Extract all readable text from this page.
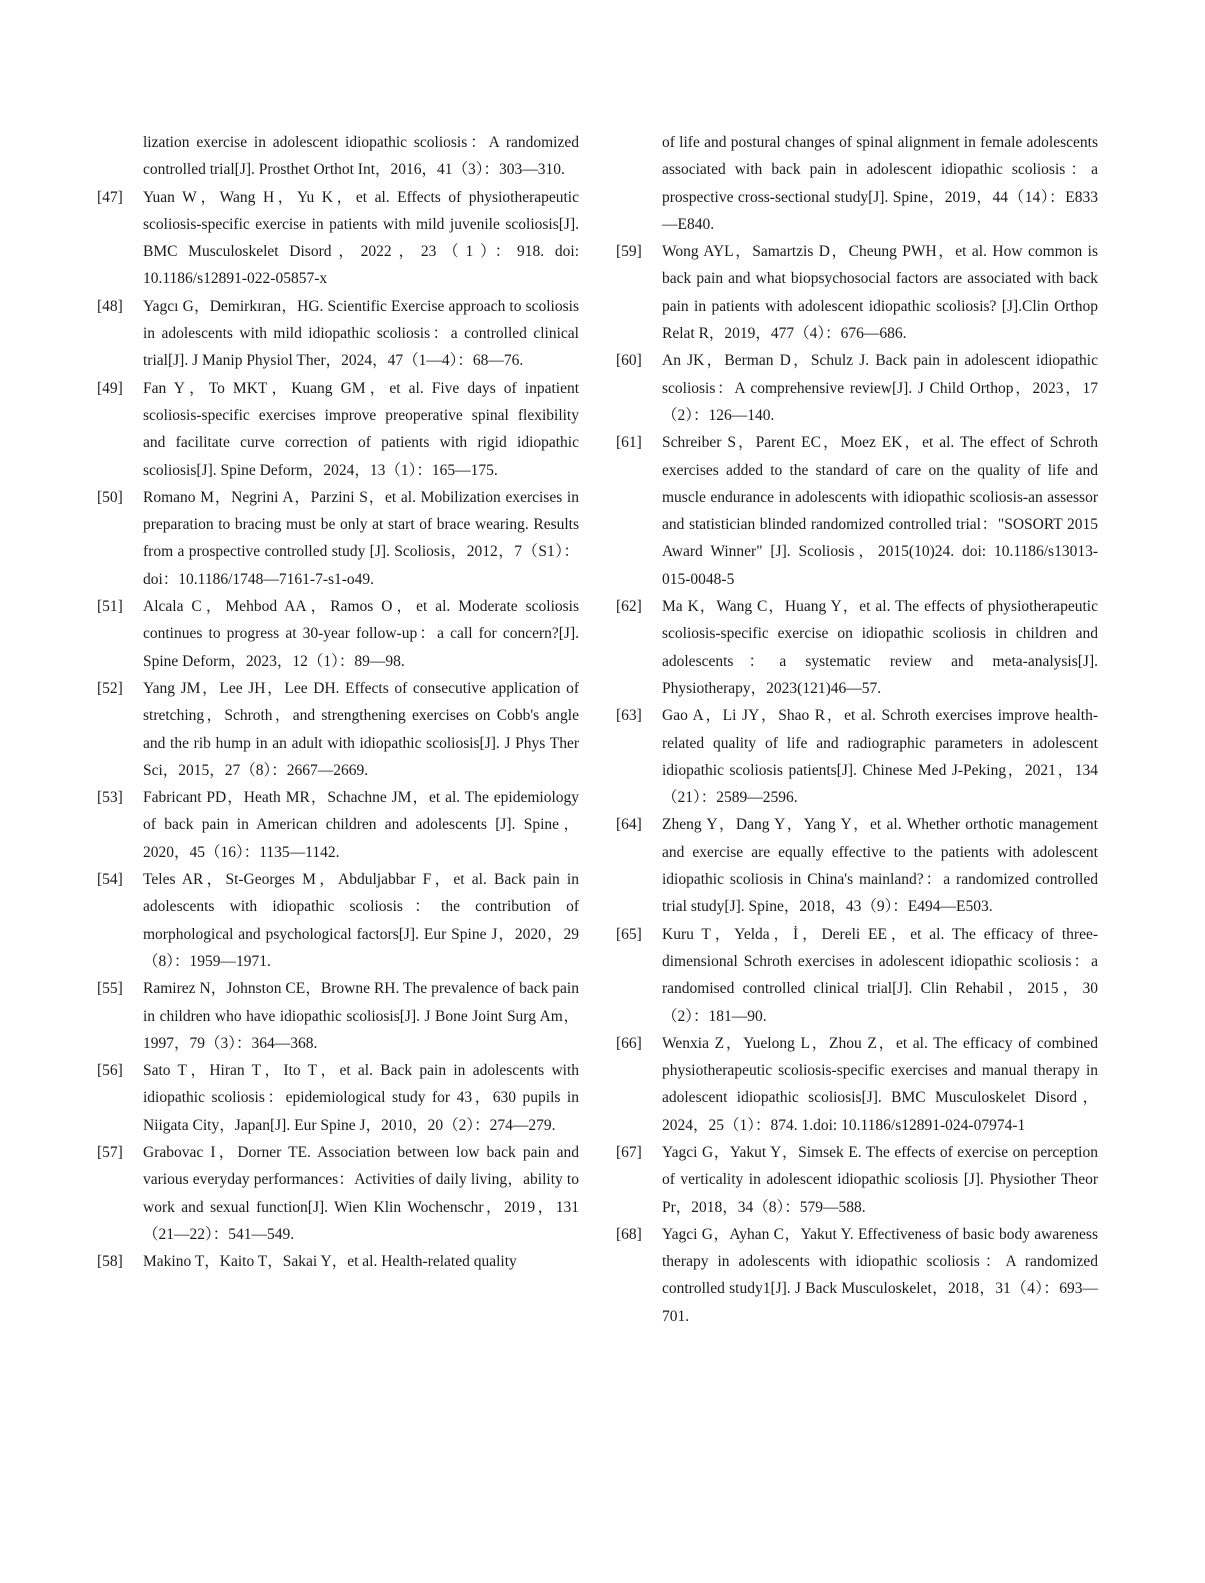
lization exercise in adolescent idiopathic scoliosis：A randomized controlled trial[J]. Prosthet Orthot Int，2016，41（3）：303—310.
[47]	Yuan W，Wang H，Yu K，et al. Effects of physiotherapeutic scoliosis-specific exercise in patients with mild juvenile scoliosis[J]. BMC Musculoskelet Disord，2022，23（1）：918. doi: 10.1186/s12891-022-05857-x
[48]	Yagcı G，Demirkıran，HG. Scientific Exercise approach to scoliosis in adolescents with mild idiopathic scoliosis：a controlled clinical trial[J]. J Manip Physiol Ther，2024，47（1—4）：68—76.
[49]	Fan Y，To MKT，Kuang GM，et al. Five days of inpatient scoliosis-specific exercises improve preoperative spinal flexibility and facilitate curve correction of patients with rigid idiopathic scoliosis[J]. Spine Deform，2024，13（1）：165—175.
[50]	Romano M，Negrini A，Parzini S，et al. Mobilization exercises in preparation to bracing must be only at start of brace wearing. Results from a prospective controlled study [J]. Scoliosis，2012，7（S1）：doi：10.1186/1748—7161-7-s1-o49.
[51]	Alcala C，Mehbod AA，Ramos O，et al. Moderate scoliosis continues to progress at 30-year follow-up：a call for concern?[J]. Spine Deform，2023，12（1）：89—98.
[52]	Yang JM，Lee JH，Lee DH. Effects of consecutive application of stretching，Schroth，and strengthening exercises on Cobb's angle and the rib hump in an adult with idiopathic scoliosis[J]. J Phys Ther Sci，2015，27（8）：2667—2669.
[53]	Fabricant PD，Heath MR，Schachne JM，et al. The epidemiology of back pain in American children and adolescents [J]. Spine，2020，45（16）：1135—1142.
[54]	Teles AR，St-Georges M，Abduljabbar F，et al. Back pain in adolescents with idiopathic scoliosis：the contribution of morphological and psychological factors[J]. Eur Spine J，2020，29（8）：1959—1971.
[55]	Ramirez N，Johnston CE，Browne RH. The prevalence of back pain in children who have idiopathic scoliosis[J]. J Bone Joint Surg Am，1997，79（3）：364—368.
[56]	Sato T，Hiran T，Ito T，et al. Back pain in adolescents with idiopathic scoliosis：epidemiological study for 43，630 pupils in Niigata City，Japan[J]. Eur Spine J，2010，20（2）：274—279.
[57]	Grabovac I，Dorner TE. Association between low back pain and various everyday performances：Activities of daily living，ability to work and sexual function[J]. Wien Klin Wochenschr，2019，131（21—22）：541—549.
[58]	Makino T，Kaito T，Sakai Y，et al. Health-related quality
of life and postural changes of spinal alignment in female adolescents associated with back pain in adolescent idiopathic scoliosis：a prospective cross-sectional study[J]. Spine，2019，44（14）：E833—E840.
[59]	Wong AYL，Samartzis D，Cheung PWH，et al. How common is back pain and what biopsychosocial factors are associated with back pain in patients with adolescent idiopathic scoliosis? [J].Clin Orthop Relat R，2019，477（4）：676—686.
[60]	An JK，Berman D，Schulz J. Back pain in adolescent idiopathic scoliosis：A comprehensive review[J]. J Child Orthop，2023，17（2）：126—140.
[61]	Schreiber S，Parent EC，Moez EK，et al. The effect of Schroth exercises added to the standard of care on the quality of life and muscle endurance in adolescents with idiopathic scoliosis-an assessor and statistician blinded randomized controlled trial："SOSORT 2015 Award Winner" [J]. Scoliosis，2015(10)24. doi: 10.1186/s13013-015-0048-5
[62]	Ma K，Wang C，Huang Y，et al. The effects of physiotherapeutic scoliosis-specific exercise on idiopathic scoliosis in children and adolescents：a systematic review and meta-analysis[J]. Physiotherapy，2023(121)46—57.
[63]	Gao A，Li JY，Shao R，et al. Schroth exercises improve health-related quality of life and radiographic parameters in adolescent idiopathic scoliosis patients[J]. Chinese Med J-Peking，2021，134（21）：2589—2596.
[64]	Zheng Y，Dang Y，Yang Y，et al. Whether orthotic management and exercise are equally effective to the patients with adolescent idiopathic scoliosis in China's mainland?：a randomized controlled trial study[J]. Spine，2018，43（9）：E494—E503.
[65]	Kuru T，Yelda，İ，Dereli EE，et al. The efficacy of three-dimensional Schroth exercises in adolescent idiopathic scoliosis：a randomised controlled clinical trial[J]. Clin Rehabil，2015，30（2）：181—90.
[66]	Wenxia Z，Yuelong L，Zhou Z，et al. The efficacy of combined physiotherapeutic scoliosis-specific exercises and manual therapy in adolescent idiopathic scoliosis[J]. BMC Musculoskelet Disord，2024，25（1）：874. 1.doi: 10.1186/s12891-024-07974-1
[67]	Yagci G，Yakut Y，Simsek E. The effects of exercise on perception of verticality in adolescent idiopathic scoliosis [J]. Physiother Theor Pr，2018，34（8）：579—588.
[68]	Yagci G，Ayhan C，Yakut Y. Effectiveness of basic body awareness therapy in adolescents with idiopathic scoliosis：A randomized controlled study1[J]. J Back Musculoskelet，2018，31（4）：693—701.
